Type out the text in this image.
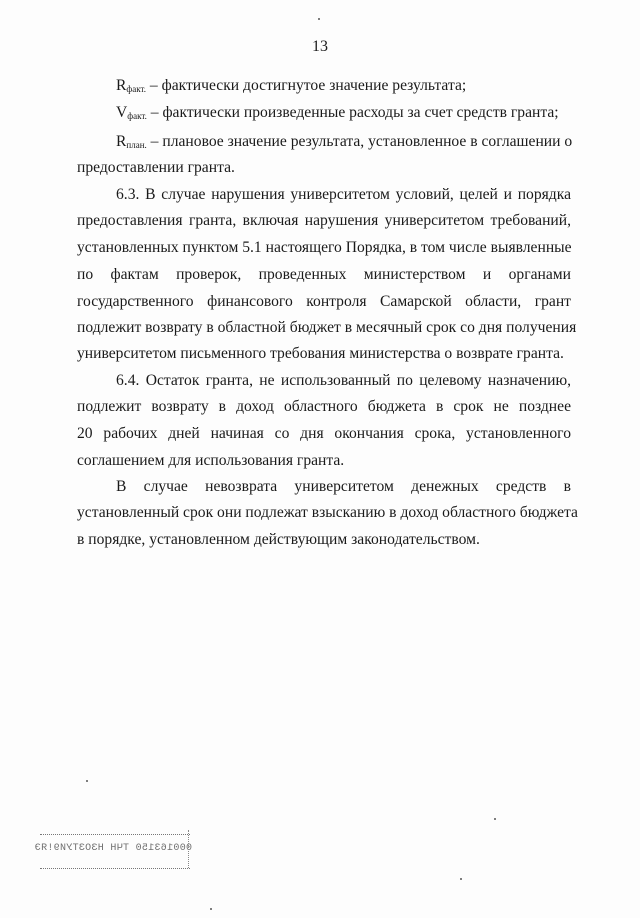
13
$R_{факт.}$ – фактически достигнутое значение результата;
$V_{факт.}$ – фактически произведенные расходы за счет средств гранта;
$R_{план.}$ – плановое значение результата, установленное в соглашении о
предоставлении гранта.
6.3. В случае нарушения университетом условий, целей и порядка
предоставления гранта, включая нарушения университетом требований,
установленных пунктом 5.1 настоящего Порядка, в том числе выявленные
по фактам проверок, проведенных министерством и органами
государственного финансового контроля Самарской области, грант
подлежит возврату в областной бюджет в месячный срок со дня получения
университетом письменного требования министерства о возврате гранта.
6.4. Остаток гранта, не использованный по целевому назначению,
подлежит возврату в доход областного бюджета в срок не позднее
20 рабочих дней начиная со дня окончания срока, установленного
соглашением для использования гранта.
В случае невозврата университетом денежных средств в
установленный срок они подлежат взысканию в доход областного бюджета
в порядке, установленном действующим законодательством.
000163150 ТЧН НЗОЗТУИ9!ЯЭ
